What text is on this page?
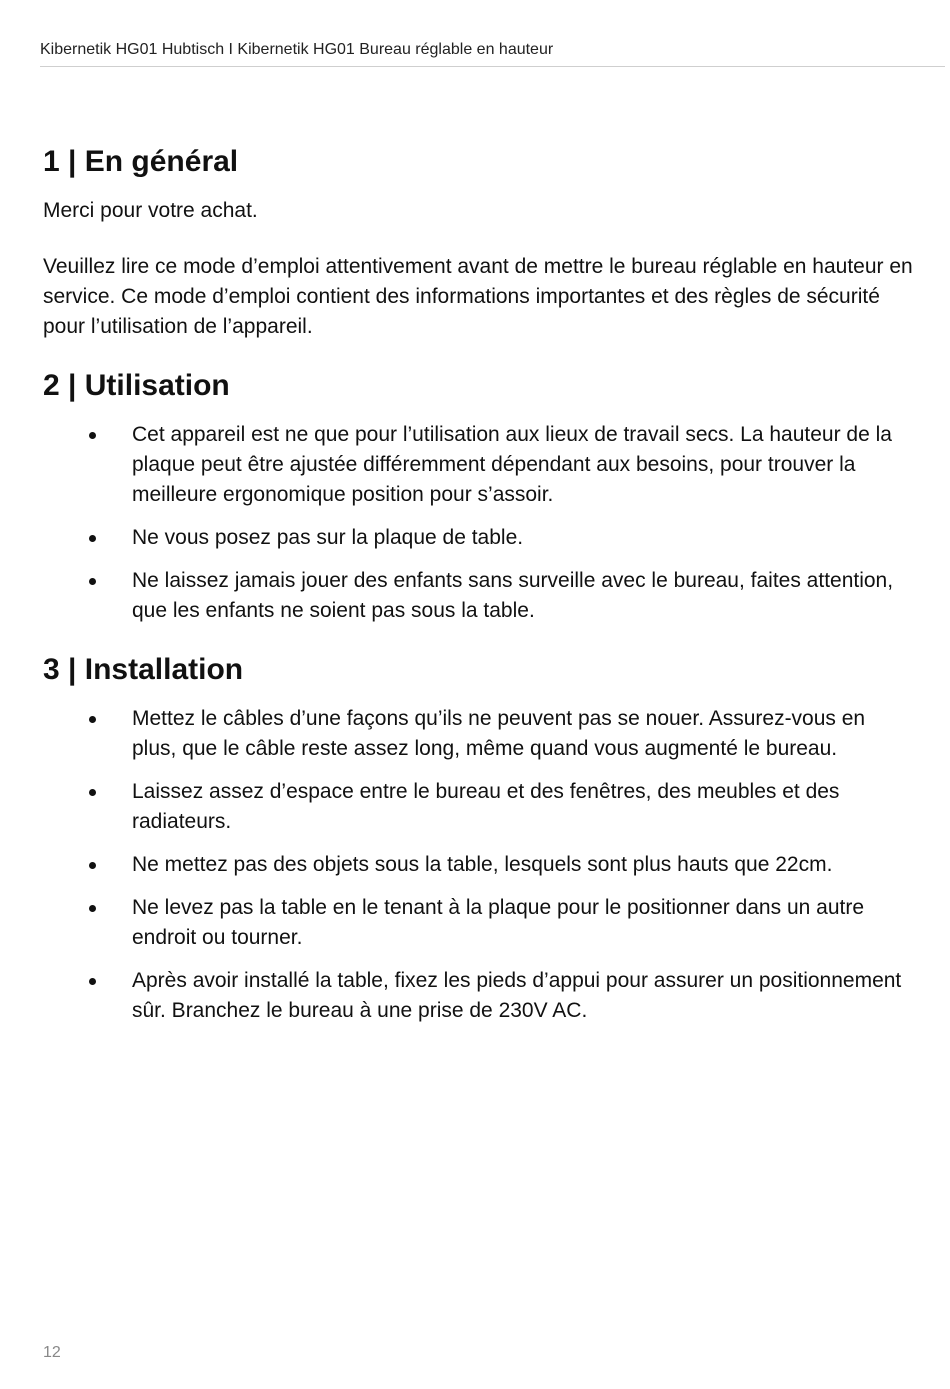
Kibernetik HG01 Hubtisch I Kibernetik HG01 Bureau réglable en hauteur
1 | En général

Merci pour votre achat.

Veuillez lire ce mode d’emploi attentivement avant de mettre le bureau réglable en hauteur en service. Ce mode d’emploi contient des informations importantes et des règles de sécurité pour l’utilisation de l’appareil.

2 | Utilisation
Cet appareil est ne que pour l’utilisation aux lieux de travail secs. La hauteur de la plaque peut être ajustée différemment dépendant aux besoins, pour trouver la meilleure ergonomique position pour s’assoir.
Ne vous posez pas sur la plaque de table.
Ne laissez jamais jouer des enfants sans surveille avec le bureau, faites attention, que les enfants ne soient pas sous la table.
3 | Installation
Mettez le câbles d’une façons qu’ils ne peuvent pas se nouer. Assurez-vous en plus, que le câble reste assez long, même quand vous augmenté le bureau.
Laissez assez d’espace entre le bureau et des fenêtres, des meubles et des radiateurs.
Ne mettez pas des objets sous la table, lesquels sont plus hauts que 22cm.
Ne levez pas la table en le tenant à la plaque pour le positionner dans un autre endroit ou tourner.
Après avoir installé la table, fixez les pieds d’appui pour assurer un positionnement sûr. Branchez le bureau à une prise de 230V AC.
12
